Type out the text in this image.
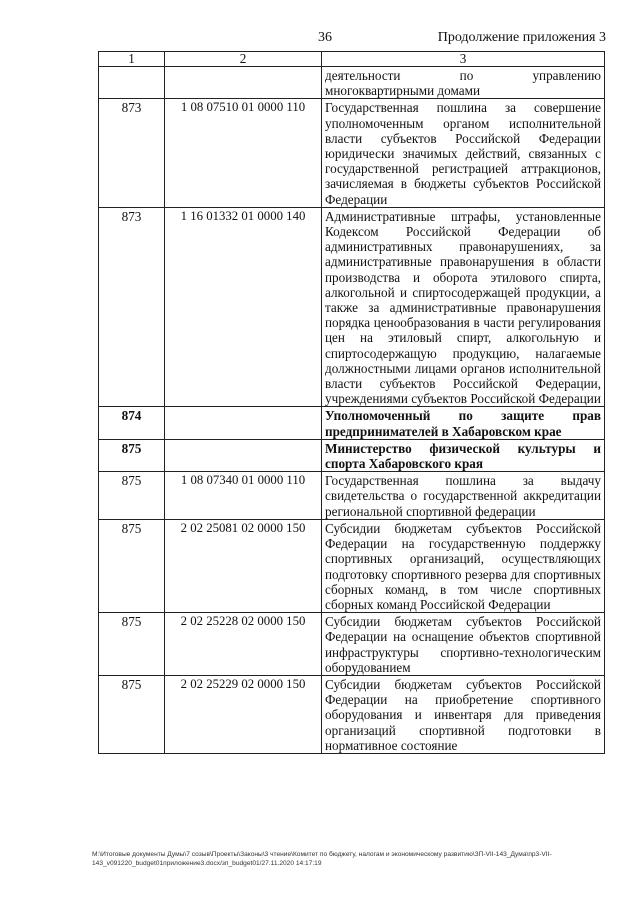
36	Продолжение приложения 3
1	2	3
		деятельности по управлению многоквартирными домами
873	1 08 07510 01 0000 110	Государственная пошлина за совершение уполномоченным органом исполнительной власти субъектов Российской Федерации юридически значимых действий, связанных с государственной регистрацией аттракционов, зачисляемая в бюджеты субъектов Российской Федерации
873	1 16 01332 01 0000 140	Административные штрафы, установленные Кодексом Российской Федерации об административных правонарушениях, за административные правонарушения в области производства и оборота этилового спирта, алкогольной и спиртосодержащей продукции, а также за административные правонарушения порядка ценообразования в части регулирования цен на этиловый спирт, алкогольную и спиртосодержащую продукцию, налагаемые должностными лицами органов исполнительной власти субъектов Российской Федерации, учреждениями субъектов Российской Федерации
874		Уполномоченный по защите прав предпринимателей в Хабаровском крае
875		Министерство физической культуры и спорта Хабаровского края
875	1 08 07340 01 0000 110	Государственная пошлина за выдачу свидетельства о государственной аккредитации региональной спортивной федерации
875	2 02 25081 02 0000 150	Субсидии бюджетам субъектов Российской Федерации на государственную поддержку спортивных организаций, осуществляющих подготовку спортивного резерва для спортивных сборных команд, в том числе спортивных сборных команд Российской Федерации
875	2 02 25228 02 0000 150	Субсидии бюджетам субъектов Российской Федерации на оснащение объектов спортивной инфраструктуры спортивно-технологическим оборудованием
875	2 02 25229 02 0000 150	Субсидии бюджетам субъектов Российской Федерации на приобретение спортивного оборудования и инвентаря для приведения организаций спортивной подготовки в нормативное состояние
M:\Итоговые документы Думы\7 созыв\Проекты\Законы\3 чтение\Комитет по бюджету, налогам и экономическому развитию\ЗП-VII-143_Дума\пр3-VII-143_v091220_budget01приложение3.docx/зп_budget01/27.11.2020 14:17:19
